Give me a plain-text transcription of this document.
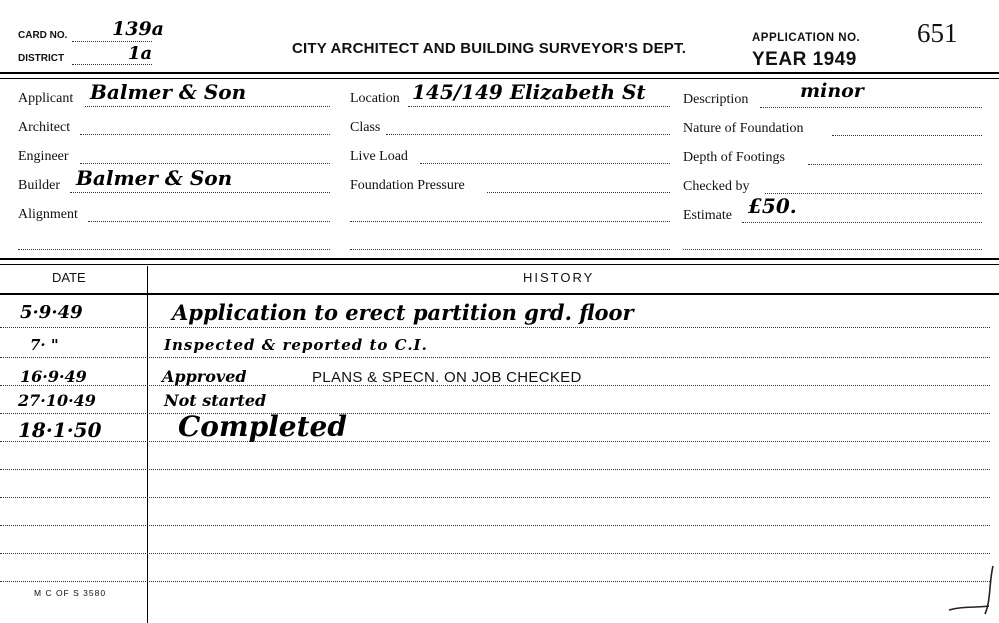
CARD NO. 139a
DISTRICT	1a	CITY ARCHITECT AND BUILDING SURVEYOR'S DEPT.
APPLICATION NO. 651
YEAR 1949
Applicant Balmer & Son
Architect
Engineer
Builder Balmer & Son
Alignment
Location 145/149 Elizabeth St
Class
Live Load
Foundation Pressure
Description	minor
Nature of Foundation
Depth of Footings
Checked by
Estimate £50.
DATE	HISTORY
5·9·49	Application to erect partition grd. floor
7· "	Inspected & reported to C.I.
16·9·49	Approved	PLANS & SPECN. ON JOB CHECKED
27·10·49	Not started
18·1·50	Completed
M C OF S 3580
